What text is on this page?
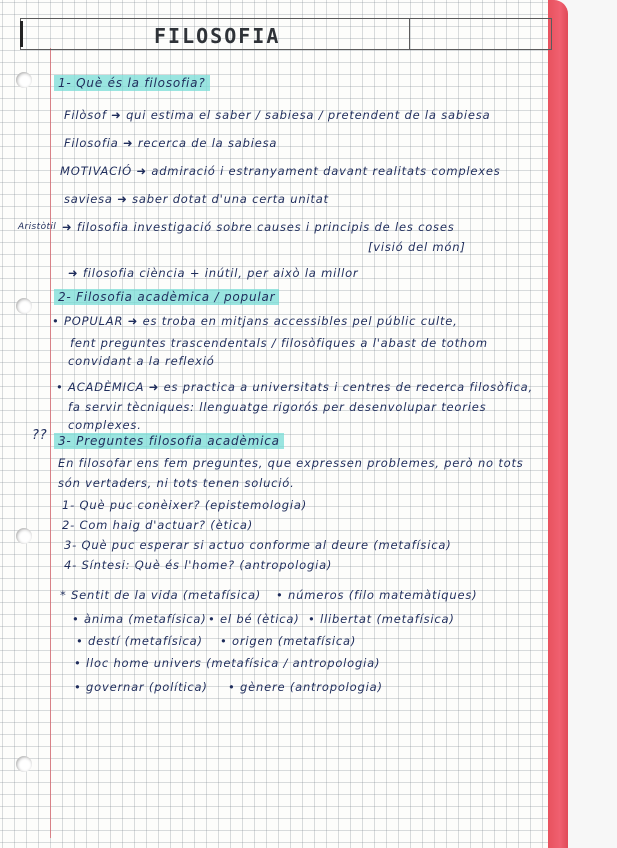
FILOSOFIA
1- Què és la filosofia?
Filòsof ➜ qui estima el saber / sabiesa / pretendent de la sabiesa
Filosofia ➜ recerca de la sabiesa
MOTIVACIÓ ➜ admiració i estranyament davant realitats complexes
saviesa ➜ saber dotat d'una certa unitat
Aristòtil ➜ filosofia investigació sobre causes i principis de les coses
[visió del món]
➜ filosofia ciència + inútil, per això la millor
2- Filosofia acadèmica / popular
• POPULAR ➜ es troba en mitjans accessibles pel públic culte,
fent preguntes trascendentals / filosòfiques a l'abast de tothom
convidant a la reflexió
• ACADÈMICA ➜ es practica a universitats i centres de recerca filosòfica,
fa servir tècniques: llenguatge rigorós per desenvolupar teories
complexes.
?? 3- Preguntes filosofia acadèmica
En filosofar ens fem preguntes, que expressen problemes, però no tots
són vertaders, ni tots tenen solució.
1- Què puc conèixer? (epistemologia)
2- Com haig d'actuar? (ètica)
3- Què puc esperar si actuo conforme al deure (metafísica)
4- Síntesi: Què és l'home? (antropologia)
* Sentit de la vida (metafísica) • números (filo matemàtiques)
• ànima (metafísica) • el bé (ètica) • llibertat (metafísica)
• destí (metafísica) • origen (metafísica)
• lloc home univers (metafísica / antropologia)
• governar (política) • gènere (antropologia)
